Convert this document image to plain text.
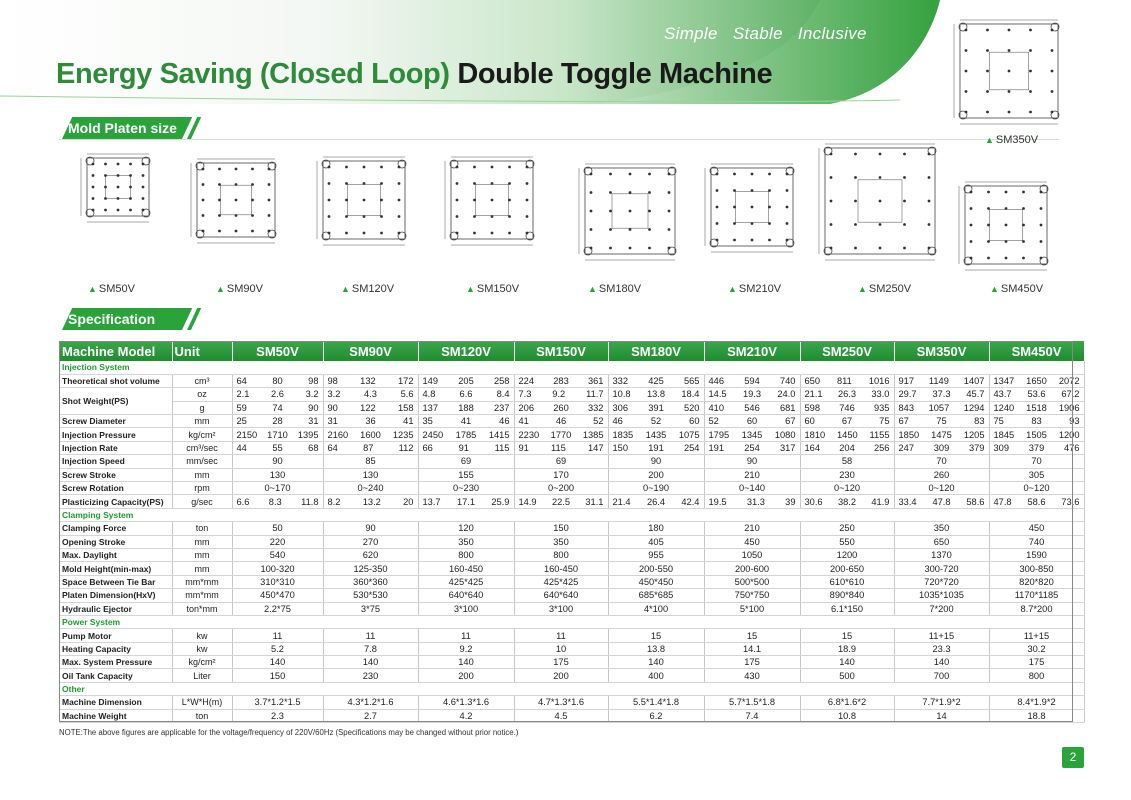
Simple   Stable   Inclusive
Energy Saving (Closed Loop) Double Toggle Machine
Mold Platen size
▲ SM50V	▲ SM90V	▲ SM120V	▲ SM150V	▲ SM180V	▲ SM210V	▲ SM250V	▲ SM450V
▲ SM350V
Specification
Machine Model	Unit	SM50V	SM90V	SM120V	SM150V	SM180V	SM210V	SM250V	SM350V	SM450V
Injection System										
Theoretical shot volume	cm³	64 80 98	98 132 172	149 205 258	224 283 361	332 425 565	446 594 740	650 811 1016	917 1149 1407	1347 1650 2072

Shot Weight(PS)	oz	2.1 2.6 3.2	3.2 4.3 5.6	4.8 6.6 8.4	7.3 9.2 11.7	10.8 13.8 18.4	14.5 19.3 24.0	21.1 26.3 33.0	29.7 37.3 45.7	43.7 53.6 67.2

	g	59 74 90	90 122 158	137 188 237	206 260 332	306 391 520	410 546 681	598 746 935	843 1057 1294	1240 1518 1906

Screw Diameter	mm	25 28 31	31 36 41	35 41 46	41 46 52	46 52 60	52 60 67	60 67 75	67 75 83	75 83 93

Injection Pressure	kg/cm²	2150 1710 1395	2160 1600 1235	2450 1785 1415	2230 1770 1385	1835 1435 1075	1795 1345 1080	1810 1450 1155	1850 1475 1205	1845 1505 1200

Injection Rate	cm³/sec	44 55 68	64 87 112	66 91 115	91 115 147	150 191 254	191 254 317	164 204 256	247 309 379	309 379 476

Injection Speed	mm/sec	90	85	69	69	90	90	58	70	70
Screw Stroke	mm	130	130	155	170	200	210	230	260	305
Screw Rotation	rpm	0~170	0~240	0~230	0~200	0~190	0~140	0~120	0~120	0~120
Plasticizing Capacity(PS)	g/sec	6.6 8.3 11.8	8.2 13.2 20	13.7 17.1 25.9	14.9 22.5 31.1	21.4 26.4 42.4	19.5 31.3 39	30.6 38.2 41.9	33.4 47.8 58.6	47.8 58.6 73.6

Clamping System										
Clamping Force	ton	50	90	120	150	180	210	250	350	450
Opening Stroke	mm	220	270	350	350	405	450	550	650	740
Max. Daylight	mm	540	620	800	800	955	1050	1200	1370	1590
Mold Height(min-max)	mm	100-320	125-350	160-450	160-450	200-550	200-600	200-650	300-720	300-850
Space Between Tie Bar	mm*mm	310*310	360*360	425*425	425*425	450*450	500*500	610*610	720*720	820*820
Platen Dimension(HxV)	mm*mm	450*470	530*530	640*640	640*640	685*685	750*750	890*840	1035*1035	1170*1185
Hydraulic Ejector	ton*mm	2.2*75	3*75	3*100	3*100	4*100	5*100	6.1*150	7*200	8.7*200
Power System										
Pump Motor	kw	11	11	11	11	15	15	15	11+15	11+15
Heating Capacity	kw	5.2	7.8	9.2	10	13.8	14.1	18.9	23.3	30.2
Max. System Pressure	kg/cm²	140	140	140	175	140	175	140	140	175
Oil Tank Capacity	Liter	150	230	200	200	400	430	500	700	800
Other										
Machine Dimension	L*W*H(m)	3.7*1.2*1.5	4.3*1.2*1.6	4.6*1.3*1.6	4.7*1.3*1.6	5.5*1.4*1.8	5.7*1.5*1.8	6.8*1.6*2	7.7*1.9*2	8.4*1.9*2
Machine Weight	ton	2.3	2.7	4.2	4.5	6.2	7.4	10.8	14	18.8
NOTE:The above figures are applicable for the voltage/frequency of 220V/60Hz (Specifications may be changed without prior notice.)
2
